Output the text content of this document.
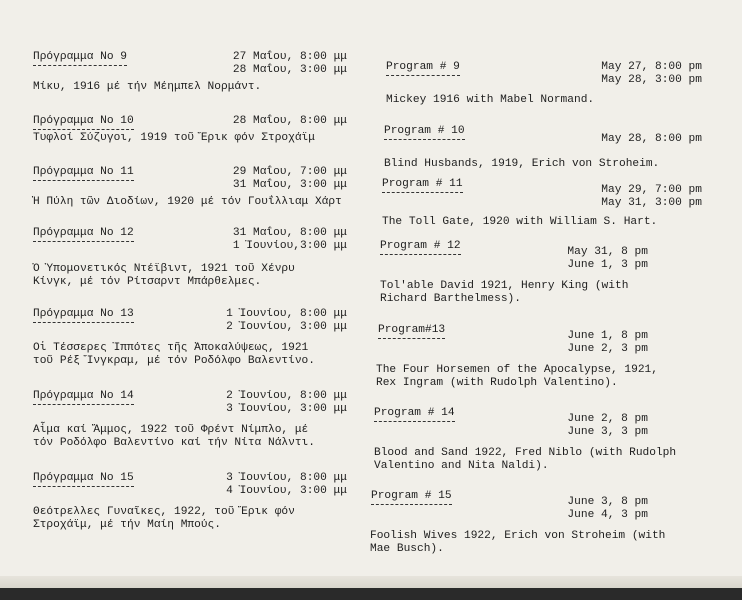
Πρόγραμμα Νο 9	27 Μαΐου, 8:00 μμ
28 Μαΐου, 3:00 μμ
Μίκυ, 1916 μέ τήν Μέημπελ Νορμάντ.
Πρόγραμμα Νο 10	28 Μαΐου, 8:00 μμ
Τυφλοί Σύζυγοι, 1919 τοῦ Ἔρικ φόν Στροχάϊμ
Πρόγραμμα Νο 11	29 Μαΐου, 7:00 μμ
31 Μαΐου, 3:00 μμ
Ἡ Πύλη τῶν Διοδίων, 1920 μέ τόν Γουΐλλιαμ Χάρτ
Πρόγραμμα Νο 12	31 Μαΐου, 8:00 μμ
1 Ἰουνίου,3:00 μμ
Ὁ Ὑπομονετικός Ντέϊβιντ, 1921 τοῦ Χένρυ
Κίνγκ, μέ τόν Ρίτσαρντ Μπάρθελμες.
Πρόγραμμα Νο 13	1 Ἰουνίου, 8:00 μμ
2 Ἰουνίου, 3:00 μμ
Οἱ Τέσσερες Ἱππότες τῆς Ἀποκαλύψεως, 1921
τοῦ Ρέξ Ἴνγκραμ, μέ τόν Ροδόλφο Βαλεντίνο.
Πρόγραμμα Νο 14	2 Ἰουνίου, 8:00 μμ
3 Ἰουνίου, 3:00 μμ
Αἷμα καί Ἄμμος, 1922 τοῦ Φρέντ Νίμπλο, μέ
τόν Ροδόλφο Βαλεντίνο καί τήν Νίτα Νάλντι.
Πρόγραμμα Νο 15	3 Ἰουνίου, 8:00 μμ
4 Ἰουνίου, 3:00 μμ
Θεότρελλες Γυναῖκες, 1922, τοῦ Ἔρικ φόν
Στροχάϊμ, μέ τήν Μαίη Μπούς.
Program # 9	May 27, 8:00 pm
May 28, 3:00 pm
Mickey 1916 with Mabel Normand.
Program # 10
May 28, 8:00 pm
Blind Husbands, 1919, Erich von Stroheim.
Program # 11	May 29, 7:00 pm
May 31, 3:00 pm
The Toll Gate, 1920 with William S. Hart.
Program # 12	May 31, 8 pm
June 1, 3 pm
Tol'able David 1921, Henry King (with
Richard Barthelmess).
Program#13	June 1, 8 pm
June 2, 3 pm
The Four Horsemen of the Apocalypse, 1921,
Rex Ingram (with Rudolph Valentino).
Program # 14	June 2, 8 pm
June 3, 3 pm
Blood and Sand 1922, Fred Niblo (with Rudolph
Valentino and Nita Naldi).
Program # 15	June 3, 8 pm
June 4, 3 pm
Foolish Wives 1922, Erich von Stroheim (with
Mae Busch).
